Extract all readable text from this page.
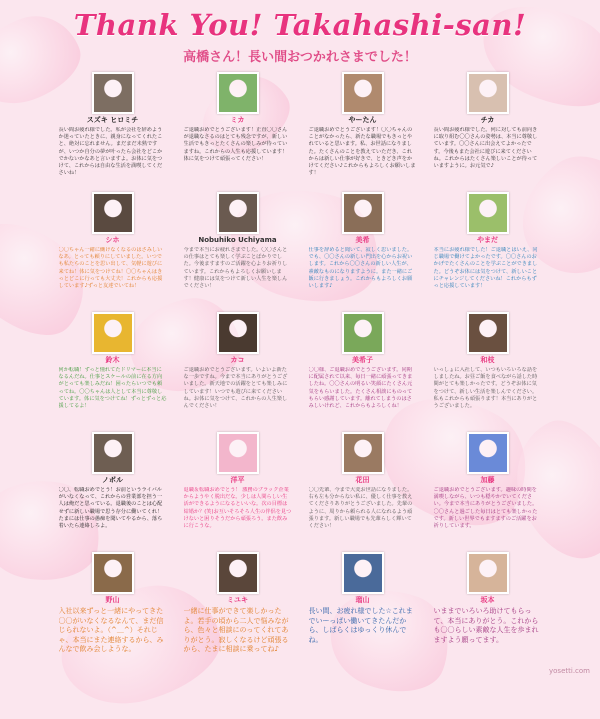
Thank You! Takahashi-san!
高橋さん！長い間おつかれさまでした！
スズキ ヒロミチ
長い間お疲れ様でした。私が会社を辞めようか迷っていたときに、親身になってくれたこと、絶対に忘れません。まだまだ未熟ですが、いつか自分の夢が叶ったら会社をどこかでかないかなあと言いますよ。お体に気をつけて、これからは自由な生活を満喫してくださいね！
ミカ
ご退職おめでとうございます！正直〇〇さんが退職なさるのはとても残念ですが、新しい生活でもきっとたくさんの楽しみが待っていますね。これからの人生も応援しています！体に気をつけて頑張ってください！
やーたん
ご退職おめでとうございます！〇〇ちゃんのことがなかったら、新たな職場でもきっとやれていると思います。私、お世話になりました。たくさんのことを教えていただき、これからは新しい仕事が好きで、ときどき声をかけてください♪これからもよろしくお願いします！
チカ
長い間お疲れ様でした。何に対しても前向きに取り組む〇〇さんの姿勢は、本当に尊敬しています。〇〇さんに出会えてよかったです。今後もまた会社に遊びに来てくださいね。これからはたくさん楽しいことが待っていますように。お元気で♪
シホ
〇〇ちゃん一緒に働けなくなるのはさみしいなあ。とっても頼りにしていました。いつでも私たちのことを思い出して、気軽に遊びに来てね！体に気をつけてね！〇〇ちゃんはきっとどこに行っても大丈夫！これからも応援しています♪ずっと友達でいてね！
Nobuhiko Uchiyama
今まで本当にお疲れさまでした。〇〇さんとの仕事はとても楽しく学ぶことばかりでした。今後ますますのご活躍を心よりお祈りしています。これからもよろしくお願いします！健康には気をつけて新しい人生を楽しんでください！
美希
仕事を辞めると聞いて、寂しく思いました。でも、〇〇さんの新しい門出を心からお祝いします。これから〇〇さんの新しい人生が、素敵なものになりますように。また一緒にご飯に行きましょう。これからもよろしくお願いします♪
やまだ
本当にお疲れ様でした！ご退職とはいえ、同じ職場で働けてよかったです。〇〇さんのおかげでたくさんのことを学ぶことができました。どうぞお体には気をつけて、新しいことにチャレンジしてくださいね！これからもずっと応援しています！
鈴木
何か転職！ずっと憧れてたドリマーに本当になるんだね。仕事とスケールの前に在る方向がとっても楽しみだね！困ったらいつでも頼ってね。〇〇ちゃんは人として本当に尊敬しています。体に気をつけてね！ずっとずっと応援してるよ！
カコ
ご退職おめでとうございます。いよいよ新たな一歩ですね。今まで本当にありがとうございました。新天地での活躍をとても楽しみにしています！いつでも遊びに来てくださいね。お体に気をつけて、これからの人生楽しんでください！
美希子
〇〇様、ご退職おめでとうございます。同期に配属されて以来、毎日一緒に頑張ってきましたね。〇〇さんの明るい笑顔にたくさん元気をもらいました。たくさん相談にものってもらい感謝しています。離れてしまうのはさみしいけれど、これからもよろしくね！
和枝
いっしょに入社して、いつもいろいろな話をしましたね。お昼ご飯を食べながら話した時間がとても楽しかったです。どうぞお体に気をつけて、新しい生活を楽しんでください。私もこれからも頑張ります！本当にありがとうございました。
ノボル
〇〇、転職おめでとう！お前というライバルがいなくなって、これからの営業部を担う一人は俺だと思っている。退職後のことは心配せずに新しい職場で思う存分に働いてくれ！たまには仕事の愚痴を聞いてやるから、落ち着いたら連絡しろよ。
洋平
退職＆転職おめでとう！ 激務のブラック企業からようやく脱出だな。少しは人間らしい生活ができるようになるといいな。次の目標は結婚か？(笑)お互いそろそろ人生の伴侶を見つけないと困りそうだから頑張ろう。また飲みに行こうな。
花田
〇〇先輩、今まで大変お世話になりました。右も左も分からない私に、優しく仕事を教えてくださりありがとうございました。先輩のように、周りから頼られる人になれるよう頑張ります。新しい職場でも先輩らしく輝いてください！
加藤
ご退職おめでとうございます。趣味の時間を満喫しながら、いつも穏やかでいてください。今まで本当にありがとうございました。〇〇さんと過ごした毎日はとても楽しかったです。新しい世界でもますますのご活躍をお祈りしています。
野山
入社以来ずっと一緒にやってきた〇〇がいなくなるなんて、まだ信じられないよ。（^＿^）それじゃ、本当にまた連絡するから、みんなで飲み会しような。
ミユキ
一緒に仕事ができて楽しかったよ。若手の頃から二人で悩みながら、色々と相談にのってくれてありがとう。寂しくなるけど頑張るから、たまに相談に乗ってね♪
瑠山
長い間、お疲れ様でした☆これまでいーっぱい働いてきたんだから、しばらくはゆっくり休んでね。
坂本
いままでいろいろ助けてもらって、本当にありがとう。これからも〇〇らしい素敵な人生を歩まれますよう願ってます。
yosetti.com
